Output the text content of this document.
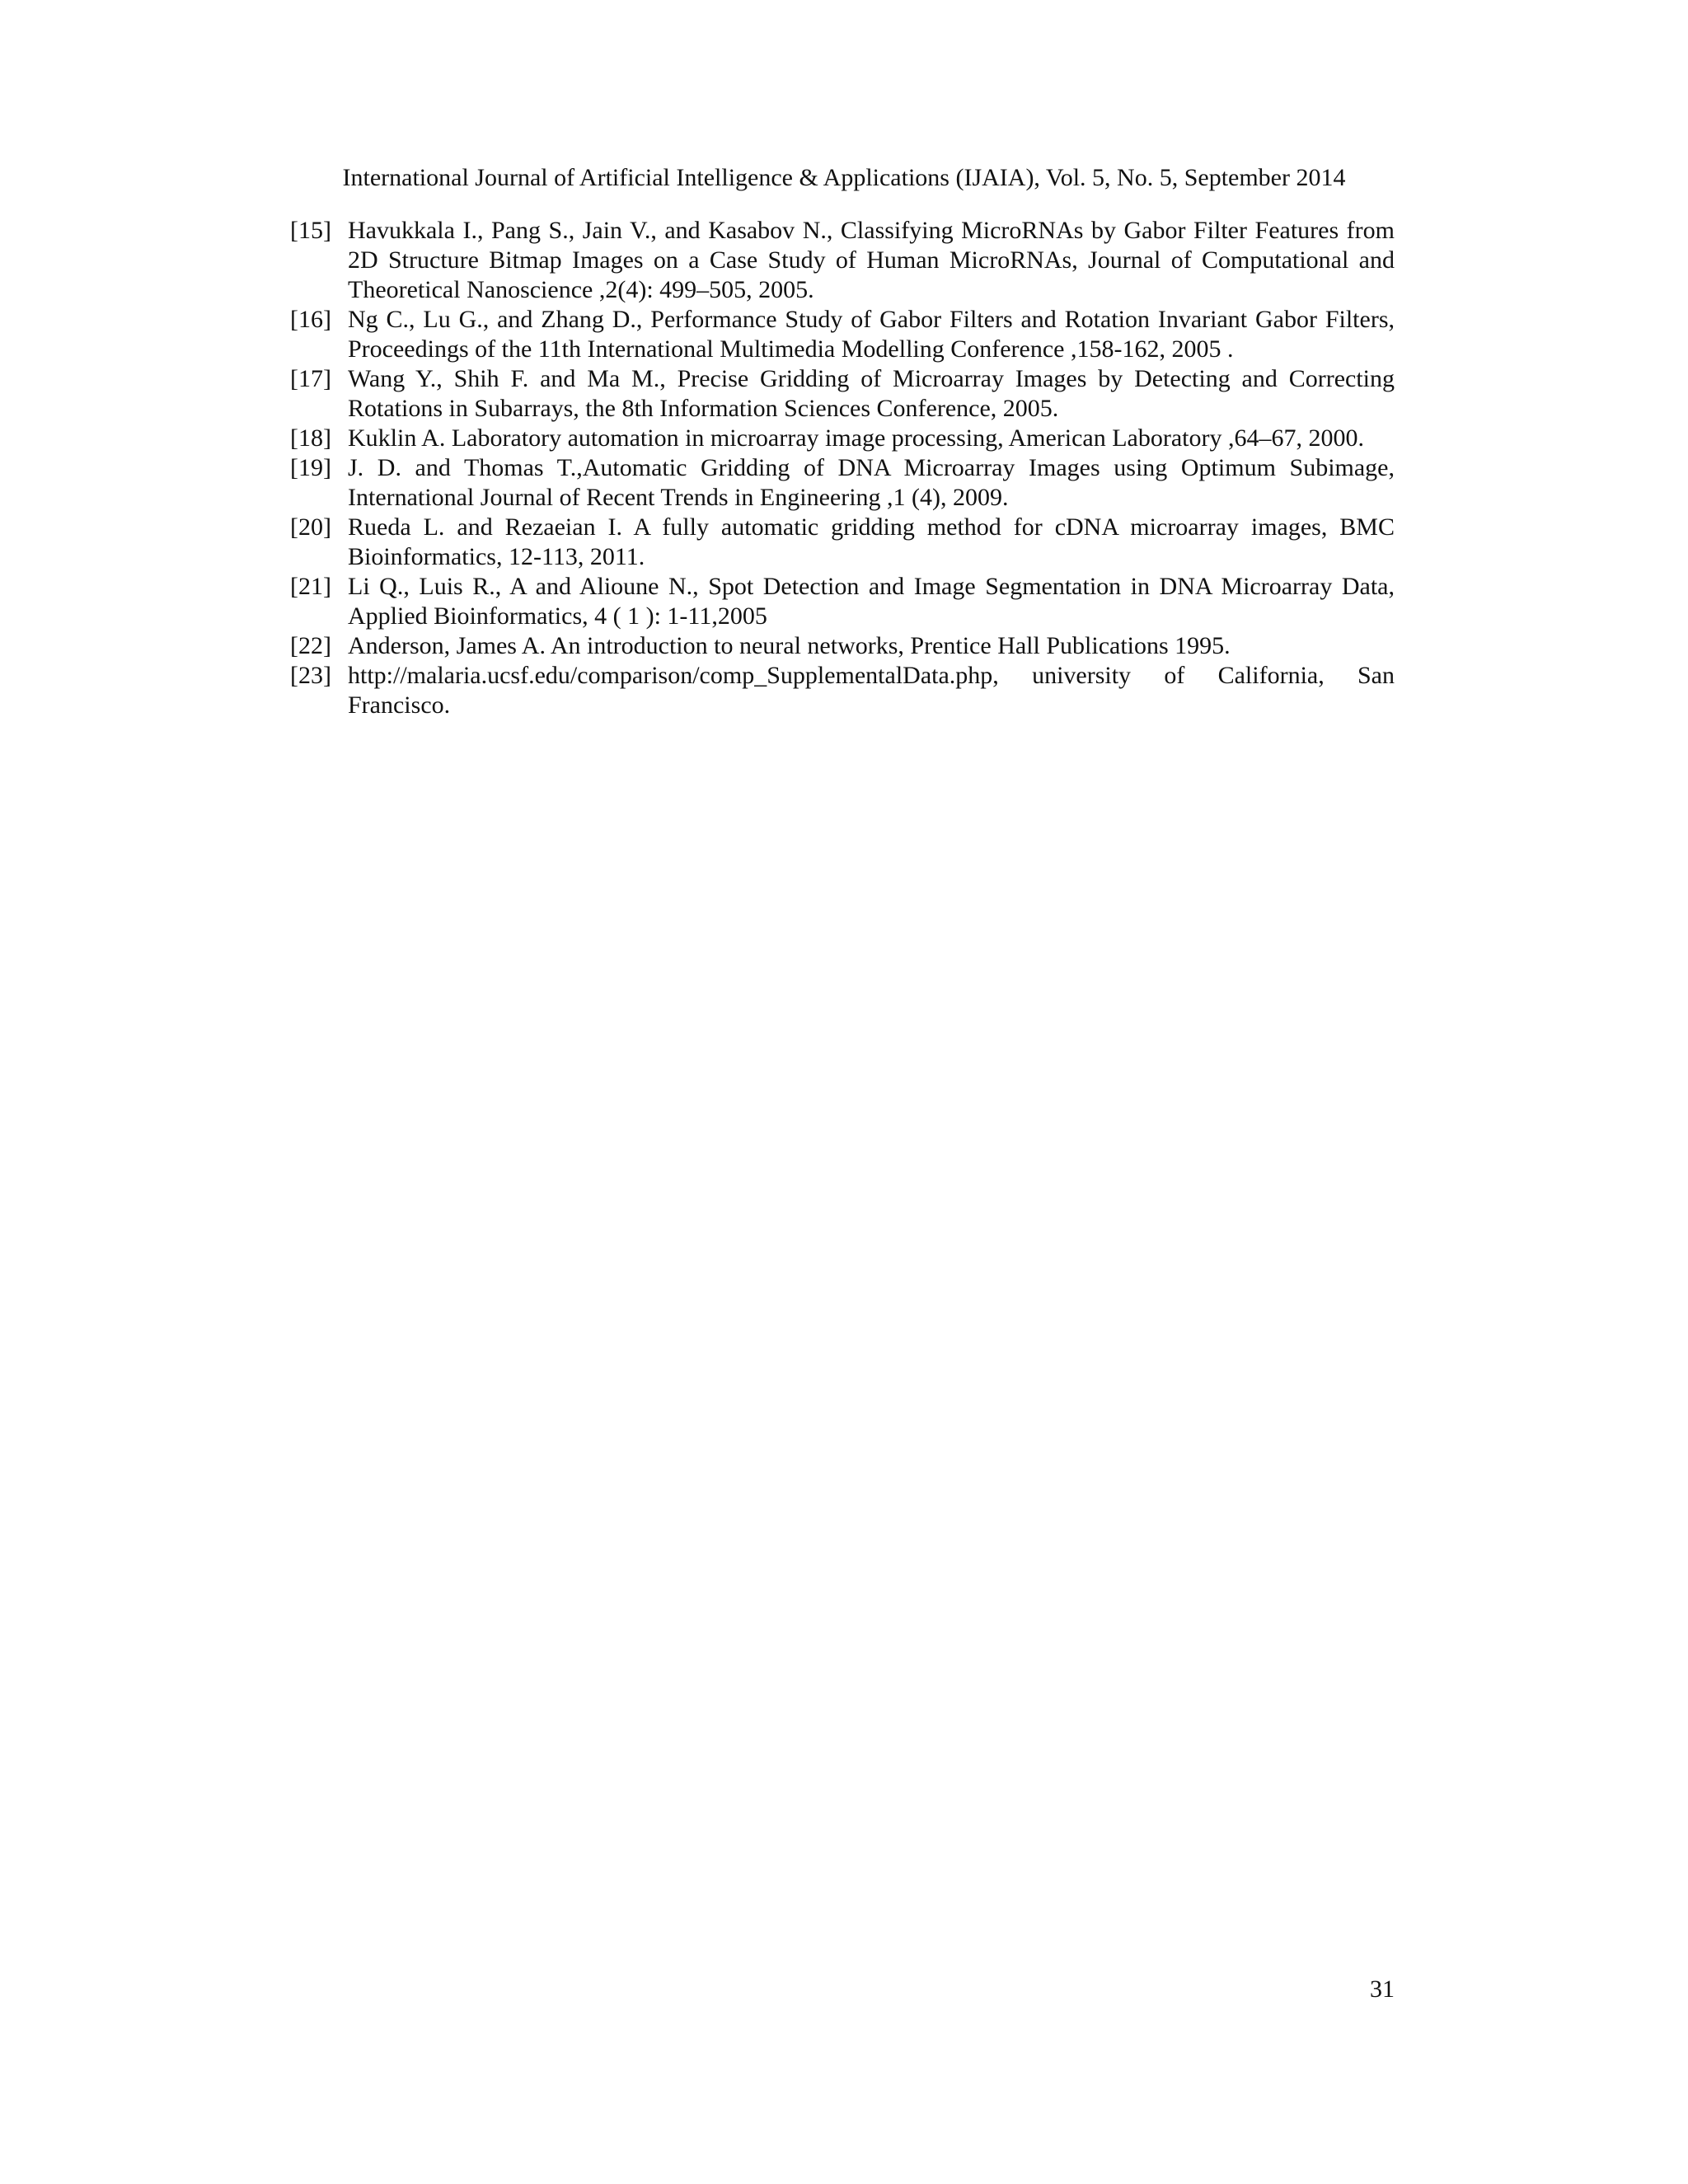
International Journal of Artificial Intelligence & Applications (IJAIA), Vol. 5, No. 5, September 2014
[15] Havukkala I., Pang S., Jain V., and Kasabov N., Classifying MicroRNAs by Gabor Filter Features from 2D Structure Bitmap Images on a Case Study of Human MicroRNAs, Journal of Computational and Theoretical Nanoscience ,2(4): 499–505, 2005.
[16] Ng C., Lu G., and Zhang D., Performance Study of Gabor Filters and Rotation Invariant Gabor Filters, Proceedings of the 11th International Multimedia Modelling Conference ,158-162, 2005 .
[17] Wang Y., Shih F. and Ma M., Precise Gridding of Microarray Images by Detecting and Correcting Rotations in Subarrays, the 8th Information Sciences Conference, 2005.
[18] Kuklin A. Laboratory automation in microarray image processing, American Laboratory ,64–67, 2000.
[19] J. D. and Thomas T.,Automatic Gridding of DNA Microarray Images using Optimum Subimage, International Journal of Recent Trends in Engineering ,1 (4), 2009.
[20] Rueda L. and Rezaeian I. A fully automatic gridding method for cDNA microarray images, BMC Bioinformatics, 12-113, 2011.
[21] Li Q., Luis R., A and Alioune N., Spot Detection and Image Segmentation in DNA Microarray Data, Applied Bioinformatics, 4 ( 1 ): 1-11,2005
[22] Anderson, James A. An introduction to neural networks, Prentice Hall Publications 1995.
[23] http://malaria.ucsf.edu/comparison/comp_SupplementalData.php, university of California, San Francisco.
31
